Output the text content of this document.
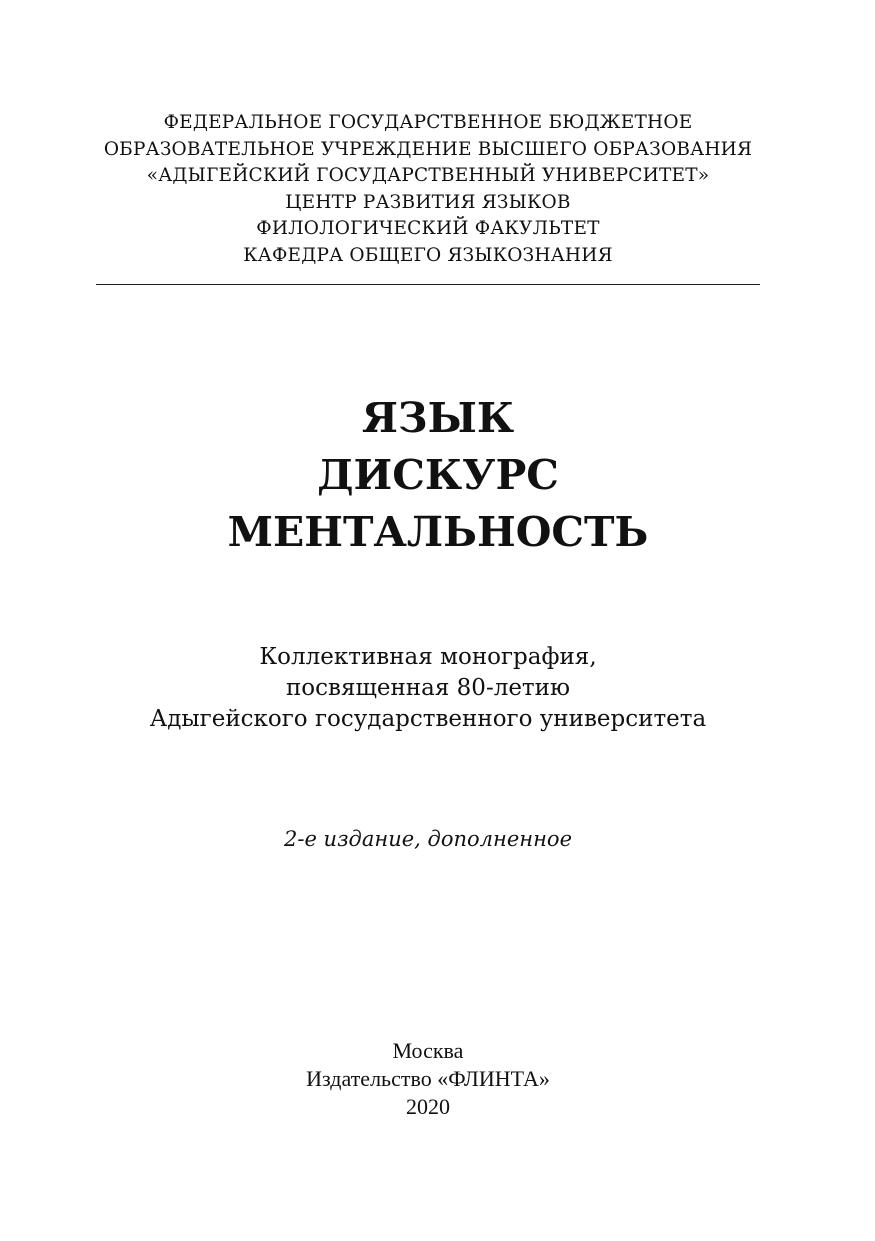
ФЕДЕРАЛЬНОЕ ГОСУДАРСТВЕННОЕ БЮДЖЕТНОЕ
ОБРАЗОВАТЕЛЬНОЕ УЧРЕЖДЕНИЕ ВЫСШЕГО ОБРАЗОВАНИЯ
«АДЫГЕЙСКИЙ ГОСУДАРСТВЕННЫЙ УНИВЕРСИТЕТ»
ЦЕНТР РАЗВИТИЯ ЯЗЫКОВ
ФИЛОЛОГИЧЕСКИЙ ФАКУЛЬТЕТ
КАФЕДРА ОБЩЕГО ЯЗЫКОЗНАНИЯ
ЯЗЫК
ДИСКУРС
МЕНТАЛЬНОСТЬ
Коллективная монография,
посвященная 80-летию
Адыгейского государственного университета
2-е издание, дополненное
Москва
Издательство «ФЛИНТА»
2020
